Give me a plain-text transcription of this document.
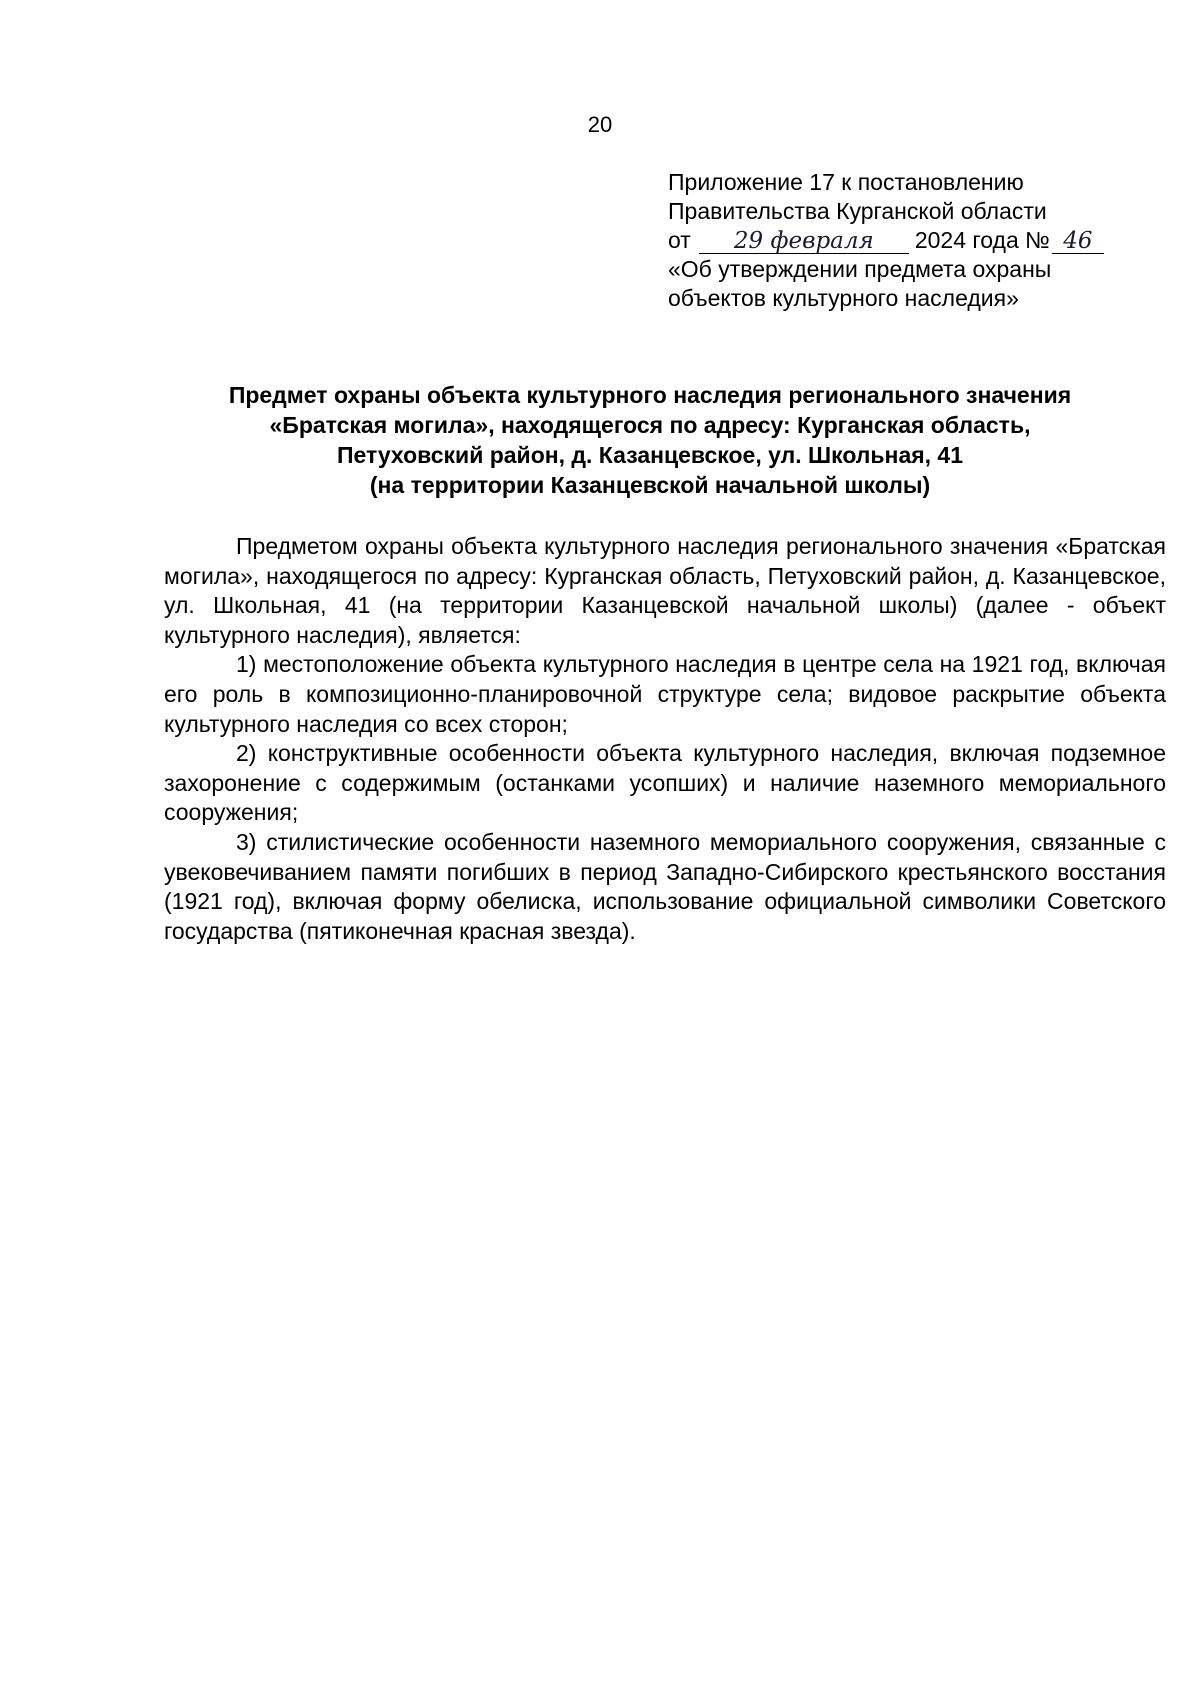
20
Приложение 17 к постановлению
Правительства Курганской области
от 29 февраля 2024 года № 46
«Об утверждении предмета охраны
объектов культурного наследия»
Предмет охраны объекта культурного наследия регионального значения
«Братская могила», находящегося по адресу: Курганская область,
Петуховский район, д. Казанцевское, ул. Школьная, 41
(на территории Казанцевской начальной школы)

Предметом охраны объекта культурного наследия регионального значения «Братская могила», находящегося по адресу: Курганская область, Петуховский район, д. Казанцевское, ул. Школьная, 41 (на территории Казанцевской начальной школы) (далее - объект культурного наследия), является:

1) местоположение объекта культурного наследия в центре села на 1921 год, включая его роль в композиционно-планировочной структуре села; видовое раскрытие объекта культурного наследия со всех сторон;

2) конструктивные особенности объекта культурного наследия, включая подземное захоронение с содержимым (останками усопших) и наличие наземного мемориального сооружения;

3) стилистические особенности наземного мемориального сооружения, связанные с увековечиванием памяти погибших в период Западно-Сибирского крестьянского восстания (1921 год), включая форму обелиска, использование официальной символики Советского государства (пятиконечная красная звезда).
